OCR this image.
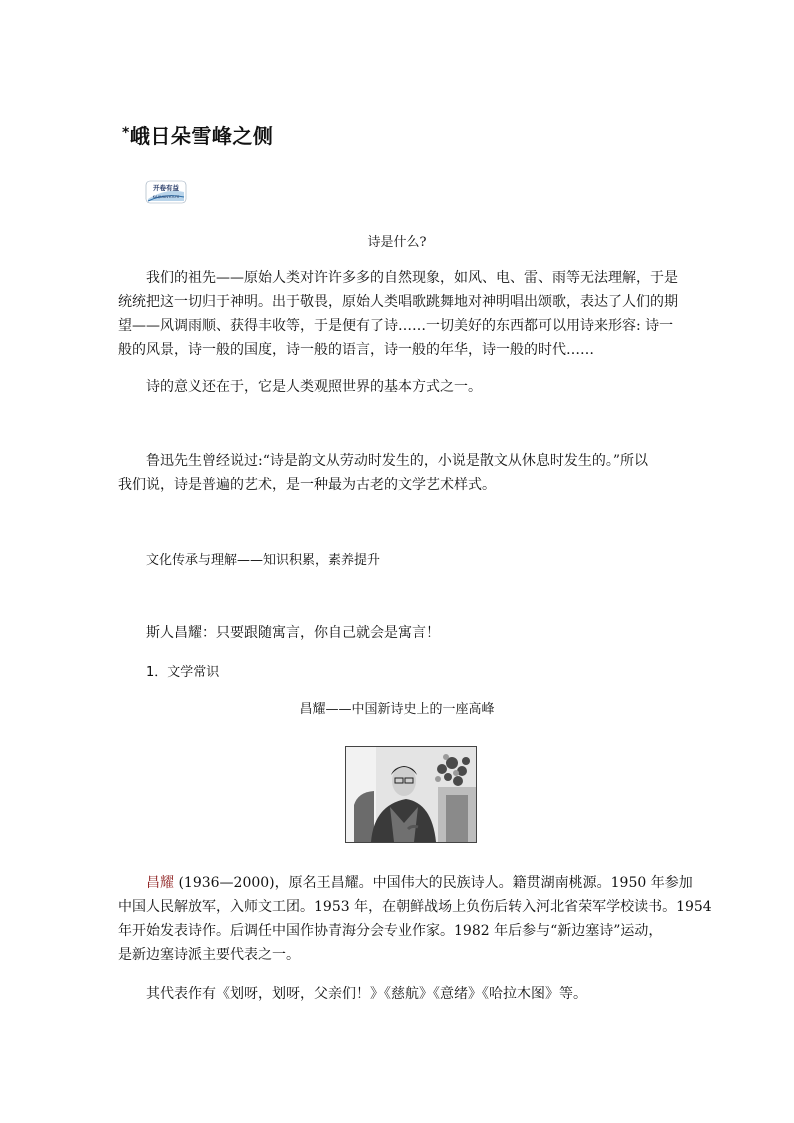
*峨日朵雪峰之侧
开卷有益
KAIJUANYOUYI
诗是什么?
我们的祖先——原始人类对许许多多的自然现象，如风、电、雷、雨等无法理解，于是
统统把这一切归于神明。出于敬畏，原始人类唱歌跳舞地对神明唱出颂歌，表达了人们的期
望——风调雨顺、获得丰收等，于是便有了诗……一切美好的东西都可以用诗来形容: 诗一
般的风景，诗一般的国度，诗一般的语言，诗一般的年华，诗一般的时代……
诗的意义还在于，它是人类观照世界的基本方式之一。
鲁迅先生曾经说过:“诗是韵文从劳动时发生的，小说是散文从休息时发生的。”所以
我们说，诗是普遍的艺术，是一种最为古老的文学艺术样式。
文化传承与理解——知识积累，素养提升
斯人昌耀：只要跟随寓言，你自己就会是寓言！
1．文学常识
昌耀——中国新诗史上的一座高峰
昌耀 (1936—2000)，原名王昌耀。中国伟大的民族诗人。籍贯湖南桃源。1950 年参加
中国人民解放军，入师文工团。1953 年，在朝鲜战场上负伤后转入河北省荣军学校读书。1954
年开始发表诗作。后调任中国作协青海分会专业作家。1982 年后参与“新边塞诗”运动，
是新边塞诗派主要代表之一。
其代表作有《划呀，划呀，父亲们！》《慈航》《意绪》《哈拉木图》等。
